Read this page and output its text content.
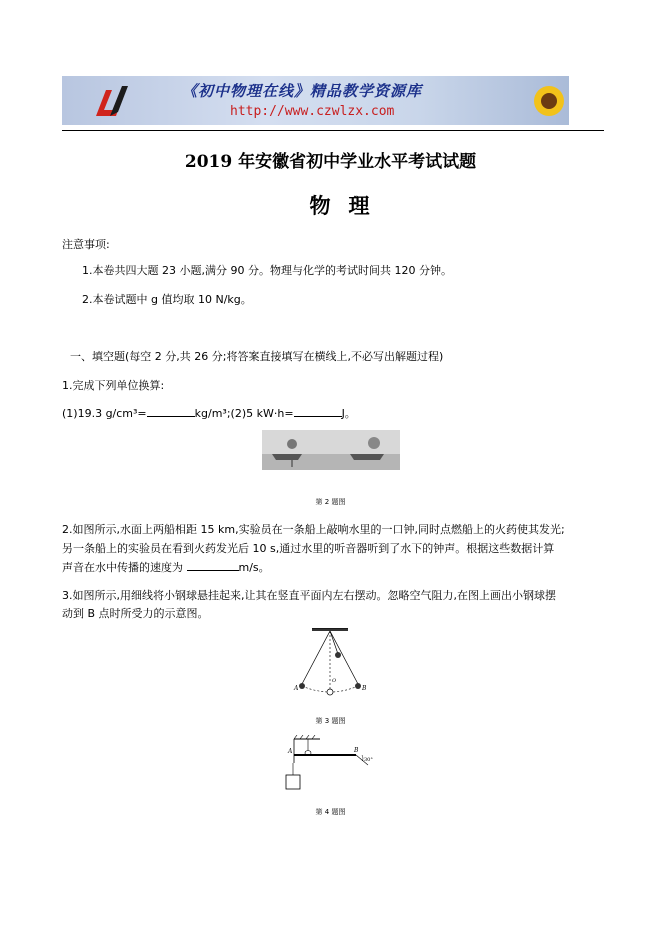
《初中物理在线》精品教学资源库
http://www.czwlzx.com
2019 年安徽省初中学业水平考试试题
物理
注意事项:
1.本卷共四大题 23 小题,满分 90 分。物理与化学的考试时间共 120 分钟。
2.本卷试题中 g 值均取 10 N/kg。
一、填空题(每空 2 分,共 26 分;将答案直接填写在横线上,不必写出解题过程)
1.完成下列单位换算:
(1)19.3 g/cm³=	kg/m³;(2)5 kW·h=	J。
第 2 题图
2.如图所示,水面上两船相距 15 km,实验员在一条船上敲响水里的一口钟,同时点燃船上的火药使其发光;
另一条船上的实验员在看到火药发光后 10 s,通过水里的听音器听到了水下的钟声。根据这些数据计算
声音在水中传播的速度为	m/s。
3.如图所示,用细线将小钢球悬挂起来,让其在竖直平面内左右摆动。忽略空气阻力,在图上画出小钢球摆
动到 B 点时所受力的示意图。
A	B
O
第 3 题图
A	B
30°
第 4 题图
